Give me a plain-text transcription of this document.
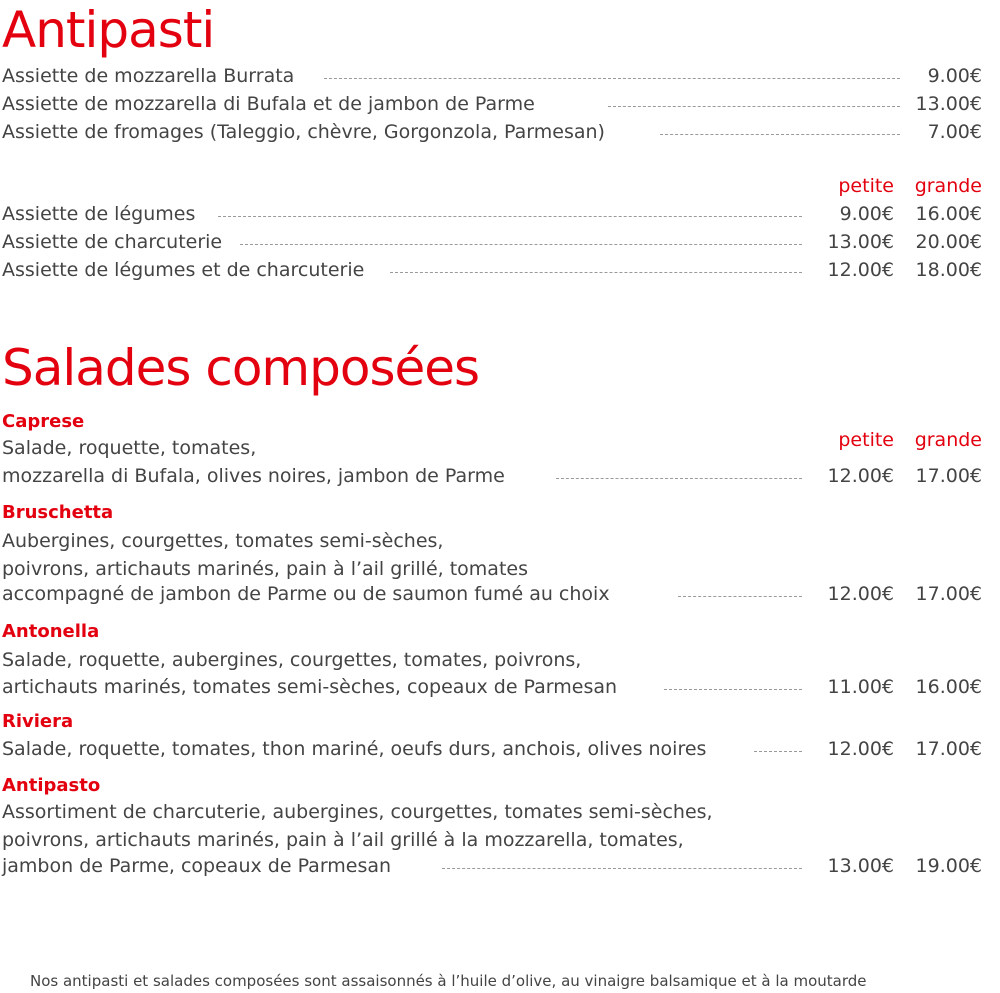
Antipasti
Assiette de mozzarella Burrata	9.00€
Assiette de mozzarella di Bufala et de jambon de Parme	13.00€
Assiette de fromages (Taleggio, chèvre, Gorgonzola, Parmesan)	7.00€
petite grande
Assiette de légumes	9.00€ 16.00€
Assiette de charcuterie	13.00€ 20.00€
Assiette de légumes et de charcuterie	12.00€ 18.00€
Salades composées
Caprese
Salade, roquette, tomates,	petite grande
mozzarella di Bufala, olives noires, jambon de Parme	12.00€ 17.00€
Bruschetta
Aubergines, courgettes, tomates semi-sèches,
poivrons, artichauts marinés, pain à l’ail grillé, tomates
accompagné de jambon de Parme ou de saumon fumé au choix	12.00€ 17.00€
Antonella
Salade, roquette, aubergines, courgettes, tomates, poivrons,
artichauts marinés, tomates semi-sèches, copeaux de Parmesan	11.00€ 16.00€
Riviera
Salade, roquette, tomates, thon mariné, oeufs durs, anchois, olives noires	12.00€ 17.00€
Antipasto
Assortiment de charcuterie, aubergines, courgettes, tomates semi-sèches,
poivrons, artichauts marinés, pain à l’ail grillé à la mozzarella, tomates,
jambon de Parme, copeaux de Parmesan	13.00€ 19.00€
Nos antipasti et salades composées sont assaisonnés à l’huile d’olive, au vinaigre balsamique et à la moutarde
